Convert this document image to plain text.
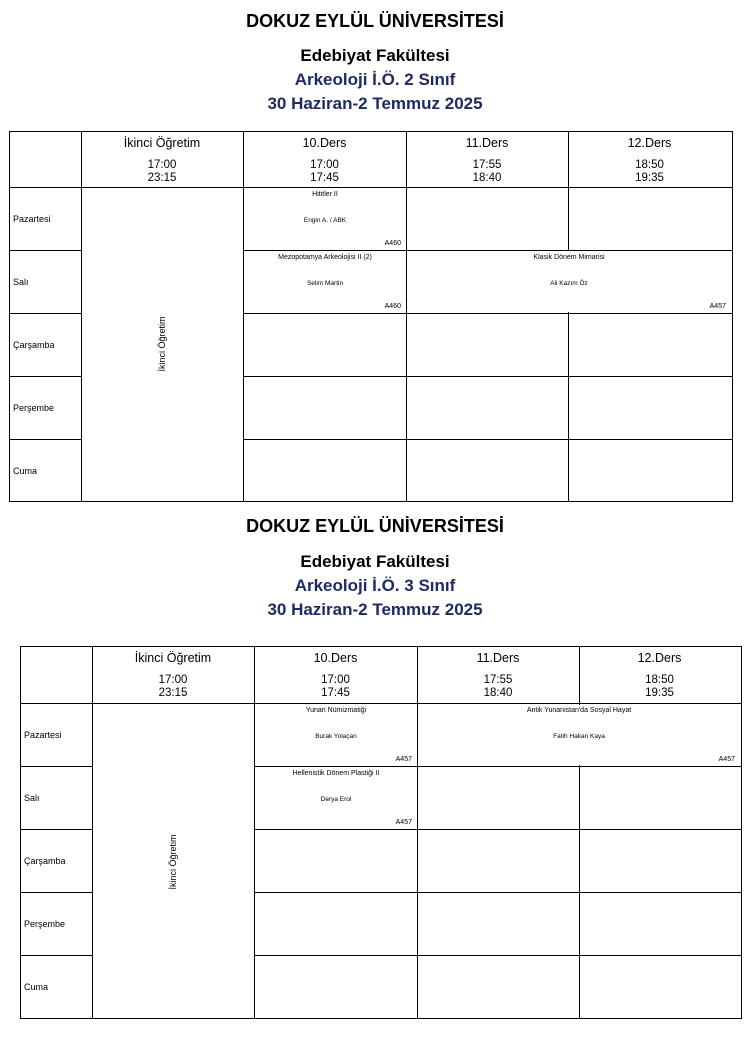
DOKUZ EYLÜL ÜNİVERSİTESİ
Edebiyat Fakültesi
Arkeoloji İ.Ö. 2 Sınıf
30 Haziran-2 Temmuz 2025
İkinci Öğretim
17:00
23:15
10.Ders
17:00
17:45
11.Ders
17:55
18:40
12.Ders
18:50
19:35
Pazartesi
Salı
Çarşamba
Perşembe
Cuma
İkinci Öğretim
Hititler II
Engin A. / ABK
A460
Mezopotamya Arkeolojisi II (2)
Selim Martin
A460
Klasik Dönem Mimarisi
Ali Kazım Öz
A457
DOKUZ EYLÜL ÜNİVERSİTESİ
Edebiyat Fakültesi
Arkeoloji İ.Ö. 3 Sınıf
30 Haziran-2 Temmuz 2025
İkinci Öğretim
17:00
23:15
10.Ders
17:00
17:45
11.Ders
17:55
18:40
12.Ders
18:50
19:35
Pazartesi
Salı
Çarşamba
Perşembe
Cuma
İkinci Öğretim
Yunan Nümizmatiği
Burak Yolaçan
A457
Antik Yunanistan'da Sosyal Hayat
Fatih Hakan Kaya
A457
Hellenistik Dönem Plastiği II
Derya Erol
A457
